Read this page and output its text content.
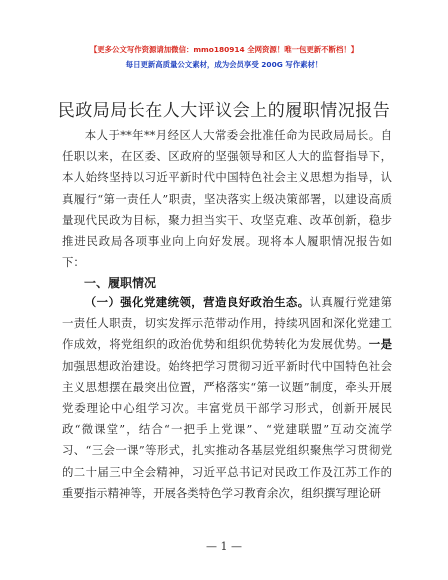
【更多公文写作资源请加微信：mmo180914 全网资源！唯一包更新不断档！】
每日更新高质量公文素材，成为会员享受 200G 写作素材！
民政局局长在人大评议会上的履职情况报告

本人于**年**月经区人大常委会批准任命为民政局局长。自任职以来，在区委、区政府的坚强领导和区人大的监督指导下，本人始终坚持以习近平新时代中国特色社会主义思想为指导，认真履行“第一责任人”职责，坚决落实上级决策部署，以建设高质量现代民政为目标，聚力担当实干、攻坚克难、改革创新，稳步推进民政局各项事业向上向好发展。现将本人履职情况报告如下：

一、履职情况

（一）强化党建统领，营造良好政治生态。认真履行党建第一责任人职责，切实发挥示范带动作用，持续巩固和深化党建工作成效，将党组织的政治优势和组织优势转化为发展优势。一是加强思想政治建设。始终把学习贯彻习近平新时代中国特色社会主义思想摆在最突出位置，严格落实“第一议题”制度，牵头开展党委理论中心组学习次。丰富党员干部学习形式，创新开展民政“微课堂”，结合“一把手上党课”、“党建联盟”互动交流学习、“三会一课”等形式，扎实推动各基层党组织聚焦学习贯彻党的二十届三中全会精神，习近平总书记对民政工作及江苏工作的重要指示精神等，开展各类特色学习教育余次，组织撰写理论研

— 1 —
